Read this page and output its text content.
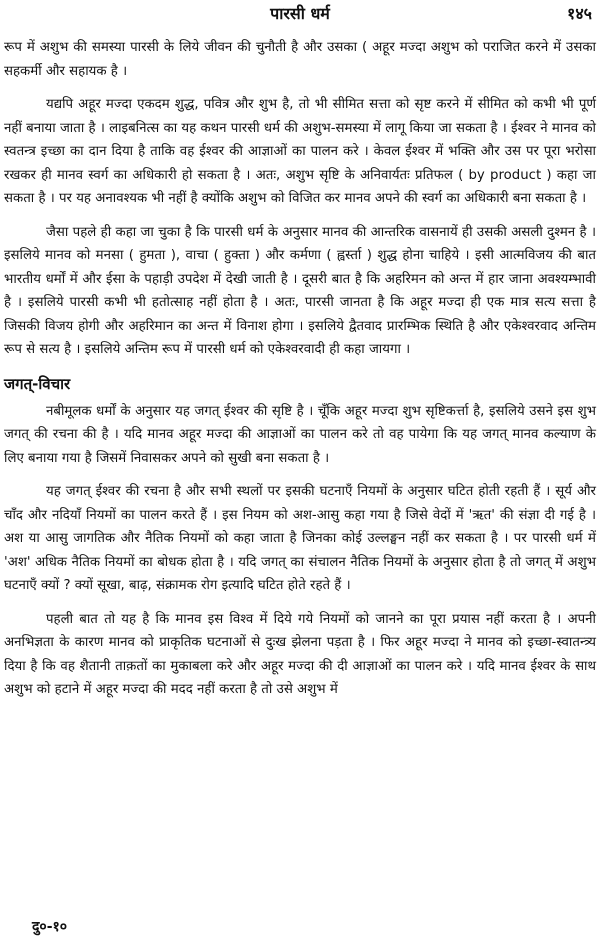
पारसी धर्म	१४५

रूप में अशुभ की समस्या पारसी के लिये जीवन की चुनौती है और उसका ( अहूर मज्दा अशुभ को पराजित करने में उसका सहकर्मी और सहायक है ।

यद्यपि अहूर मज्दा एकदम शुद्ध, पवित्र और शुभ है, तो भी सीमित सत्ता को सृष्ट करने में सीमित को कभी भी पूर्ण नहीं बनाया जाता है । लाइबनित्स का यह कथन पारसी धर्म की अशुभ-समस्या में लागू किया जा सकता है । ईश्वर ने मानव को स्वतन्त्र इच्छा का दान दिया है ताकि वह ईश्वर की आज्ञाओं का पालन करे । केवल ईश्वर में भक्ति और उस पर पूरा भरोसा रखकर ही मानव स्वर्ग का अधिकारी हो सकता है । अतः, अशुभ सृष्टि के अनिवार्यतः प्रतिफल ( by product ) कहा जा सकता है । पर यह अनावश्यक भी नहीं है क्योंकि अशुभ को विजित कर मानव अपने की स्वर्ग का अधिकारी बना सकता है ।

जैसा पहले ही कहा जा चुका है कि पारसी धर्म के अनुसार मानव की आन्तरिक वासनायें ही उसकी असली दुश्मन है । इसलिये मानव को मनसा ( हुमता ), वाचा ( हुक्ता ) और कर्मणा ( ह्वर्स्ता ) शुद्ध होना चाहिये । इसी आत्मविजय की बात भारतीय धर्मों में और ईसा के पहाड़ी उपदेश में देखी जाती है । दूसरी बात है कि अहरिमन को अन्त में हार जाना अवश्यम्भावी है । इसलिये पारसी कभी भी हतोत्साह नहीं होता है । अतः, पारसी जानता है कि अहूर मज्दा ही एक मात्र सत्य सत्ता है जिसकी विजय होगी और अहरिमान का अन्त में विनाश होगा । इसलिये द्वैतवाद प्रारम्भिक स्थिति है और एकेश्वरवाद अन्तिम रूप से सत्य है । इसलिये अन्तिम रूप में पारसी धर्म को एकेश्वरवादी ही कहा जायगा ।

जगत्-विचार

नबीमूलक धर्मों के अनुसार यह जगत् ईश्वर की सृष्टि है । चूँकि अहूर मज्दा शुभ सृष्टिकर्त्ता है, इसलिये उसने इस शुभ जगत् की रचना की है । यदि मानव अहूर मज्दा की आज्ञाओं का पालन करे तो वह पायेगा कि यह जगत् मानव कल्याण के लिए बनाया गया है जिसमें निवासकर अपने को सुखी बना सकता है ।

यह जगत् ईश्वर की रचना है और सभी स्थलों पर इसकी घटनाएँ नियमों के अनुसार घटित होती रहती हैं । सूर्य और चाँद और नदियाँ नियमों का पालन करते हैं । इस नियम को अश-आसु कहा गया है जिसे वेदों में 'ऋत' की संज्ञा दी गई है । अश या आसु जागतिक और नैतिक नियमों को कहा जाता है जिनका कोई उल्लङ्घन नहीं कर सकता है । पर पारसी धर्म में 'अश' अधिक नैतिक नियमों का बोधक होता है । यदि जगत् का संचालन नैतिक नियमों के अनुसार होता है तो जगत् में अशुभ घटनाएँ क्यों ? क्यों सूखा, बाढ़, संक्रामक रोग इत्यादि घटित होते रहते हैं ।

पहली बात तो यह है कि मानव इस विश्व में दिये गये नियमों को जानने का पूरा प्रयास नहीं करता है । अपनी अनभिज्ञता के कारण मानव को प्राकृतिक घटनाओं से दुःख झेलना पड़ता है । फिर अहूर मज्दा ने मानव को इच्छा-स्वातन्त्र्य दिया है कि वह शैतानी ताक़तों का मुकाबला करे और अहूर मज्दा की दी आज्ञाओं का पालन करे । यदि मानव ईश्वर के साथ अशुभ को हटाने में अहूर मज्दा की मदद नहीं करता है तो उसे अशुभ में

दु०-१०
